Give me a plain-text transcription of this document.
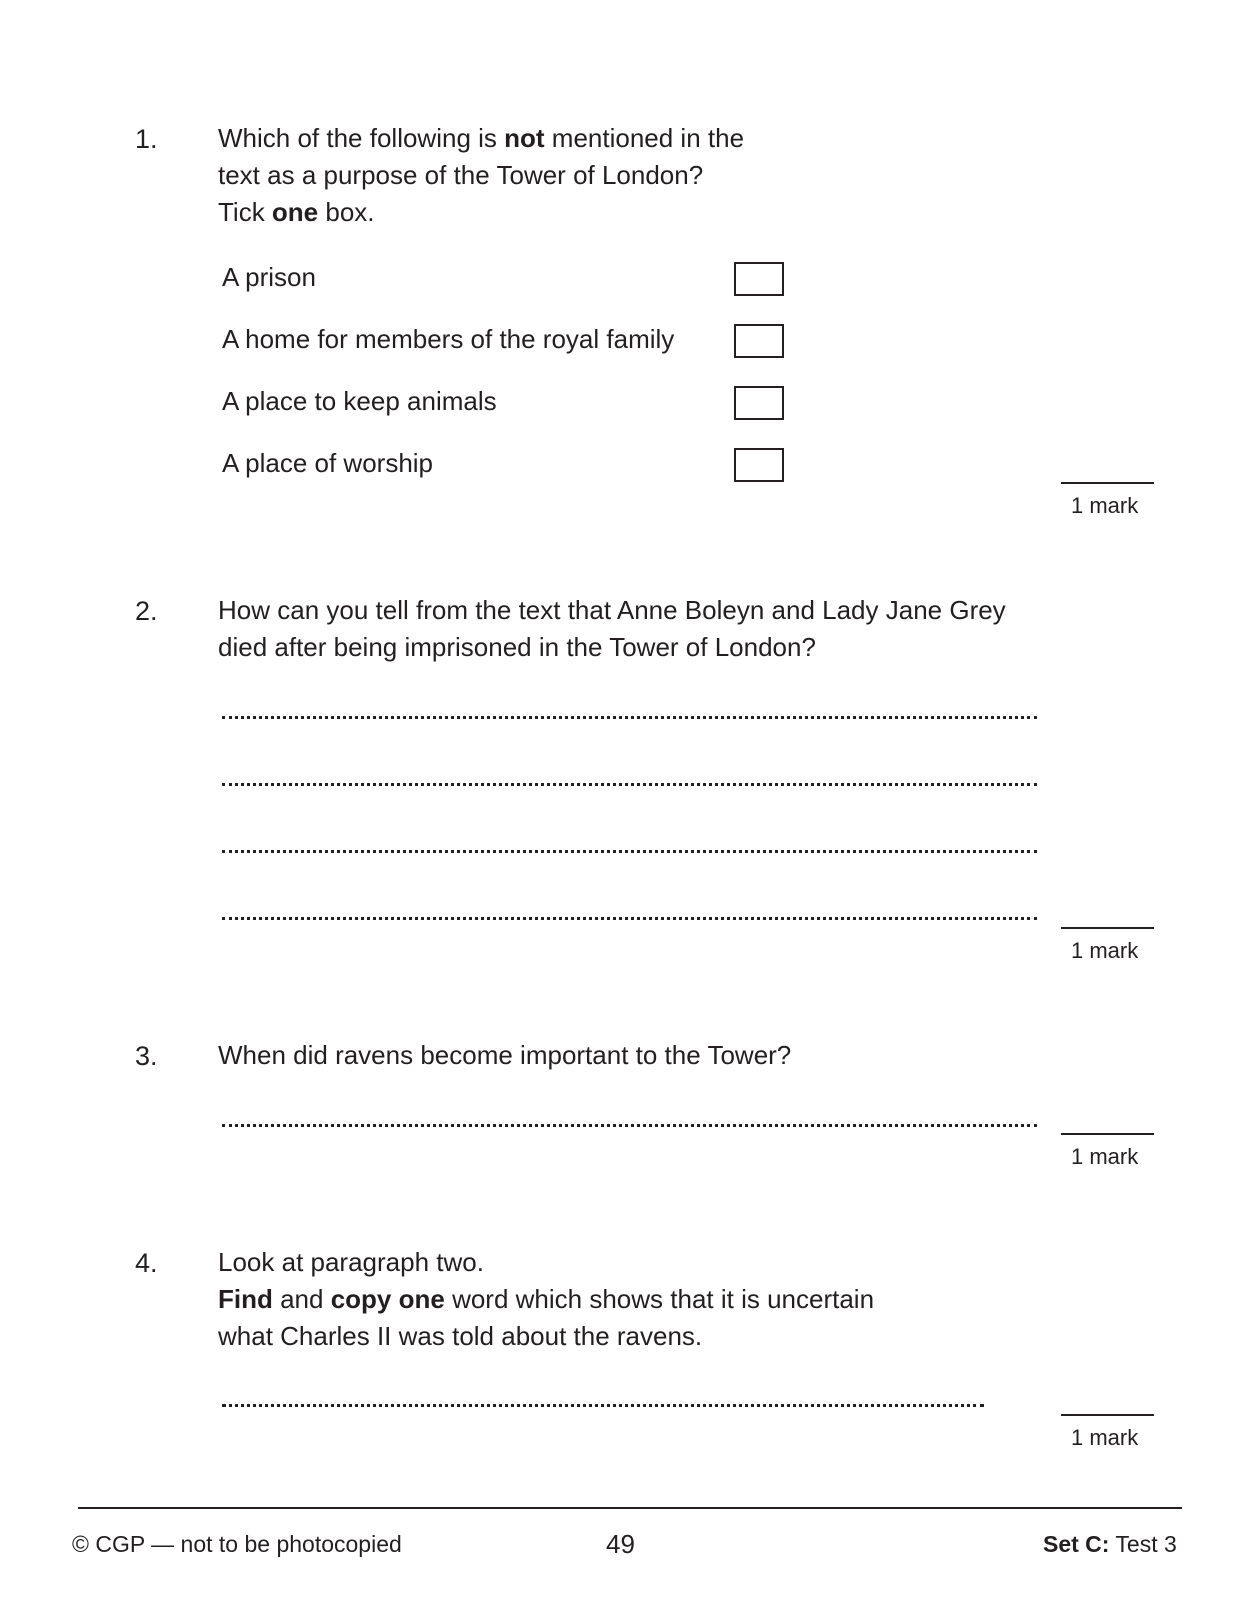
1. Which of the following is not mentioned in the
text as a purpose of the Tower of London?
Tick one box.
A prison
A home for members of the royal family
A place to keep animals
A place of worship
1 mark
2. How can you tell from the text that Anne Boleyn and Lady Jane Grey
died after being imprisoned in the Tower of London?
1 mark
3. When did ravens become important to the Tower?
1 mark
4. Look at paragraph two.
Find and copy one word which shows that it is uncertain
what Charles II was told about the ravens.
1 mark
© CGP — not to be photocopied	49	Set C: Test 3
